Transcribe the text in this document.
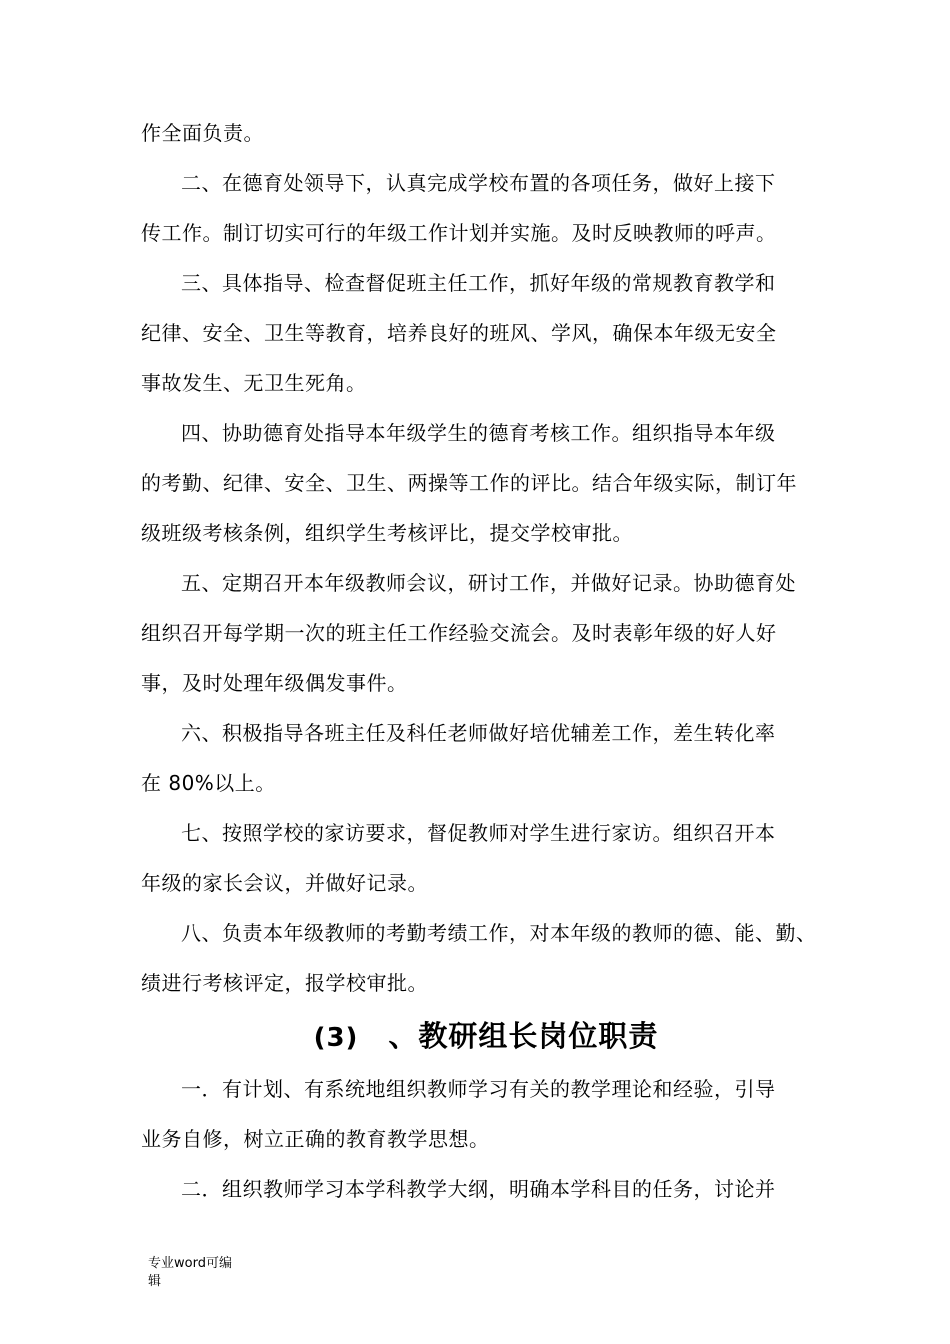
作全面负责。
二、在德育处领导下，认真完成学校布置的各项任务，做好上接下
传工作。制订切实可行的年级工作计划并实施。及时反映教师的呼声。
三、具体指导、检查督促班主任工作，抓好年级的常规教育教学和
纪律、安全、卫生等教育，培养良好的班风、学风，确保本年级无安全
事故发生、无卫生死角。
四、协助德育处指导本年级学生的德育考核工作。组织指导本年级
的考勤、纪律、安全、卫生、两操等工作的评比。结合年级实际，制订年
级班级考核条例，组织学生考核评比，提交学校审批。
五、定期召开本年级教师会议，研讨工作，并做好记录。协助德育处
组织召开每学期一次的班主任工作经验交流会。及时表彰年级的好人好
事，及时处理年级偶发事件。
六、积极指导各班主任及科任老师做好培优辅差工作，差生转化率
在 80%以上。
七、按照学校的家访要求，督促教师对学生进行家访。组织召开本
年级的家长会议，并做好记录。
八、负责本年级教师的考勤考绩工作，对本年级的教师的德、能、勤、
绩进行考核评定，报学校审批。
(3) 、教研组长岗位职责
一．有计划、有系统地组织教师学习有关的教学理论和经验，引导
业务自修，树立正确的教育教学思想。
二．组织教师学习本学科教学大纲，明确本学科目的任务，讨论并
专业word可编
辑
